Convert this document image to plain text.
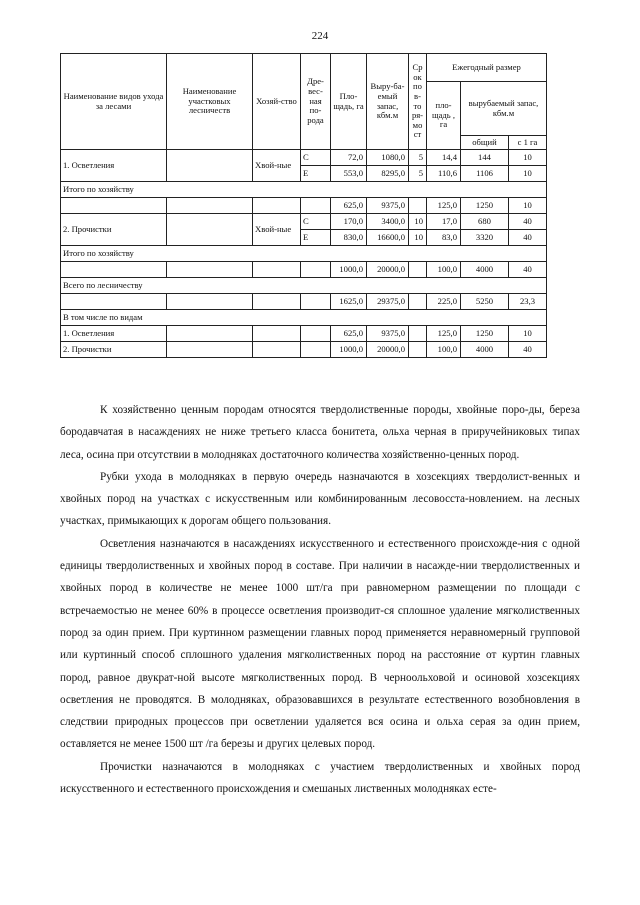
224
Наименование видов ухода за лесами	Наименование участковых лесничеств	Хозяй-ство	Дре-вес-ная по-рода	Пло-щадь, га	Выру-ба-емый запас, кбм.м	Ср ок по в-то ря-мо ст	Ежегодный размер		
							пло-щадь , га	вырубаемый запас, кбм.м	
								общий	с 1 га
1. Осветления		Хвой-ные	С	72,0	1080,0	5	14,4	144	10
			Е	553,0	8295,0	5	110,6	1106	10
Итого по хозяйству									
				625,0	9375,0		125,0	1250	10
2. Прочистки		Хвой-ные	С	170,0	3400,0	10	17,0	680	40
			Е	830,0	16600,0	10	83,0	3320	40
Итого по хозяйству									
				1000,0	20000,0		100,0	4000	40
Всего по лесничеству									
				1625,0	29375,0		225,0	5250	23,3
В том числе по видам									
1. Осветления				625,0	9375,0		125,0	1250	10
2. Прочистки				1000,0	20000,0		100,0	4000	40

К хозяйственно ценным породам относятся твердолиственные породы, хвойные поро-ды, береза бородавчатая в насаждениях не ниже третьего класса бонитета, ольха черная в приручейниковых типах леса, осина при отсутствии в молодняках достаточного количества хозяйственно-ценных пород.

Рубки ухода в молодняках в первую очередь назначаются в хозсекциях твердолист-венных и хвойных пород на участках с искусственным или комбинированным лесовосста-новлением. на лесных участках, примыкающих к дорогам общего пользования.

Осветления назначаются в насаждениях искусственного и естественного происхожде-ния с одной единицы твердолиственных и хвойных пород в составе. При наличии в насажде-нии твердолиственных и хвойных пород в количестве не менее 1000 шт/га при равномерном размещении по площади с встречаемостью не менее 60% в процессе осветления производит-ся сплошное удаление мягколиственных пород за один прием. При куртинном размещении главных пород применяется неравномерный групповой или куртинный способ сплошного удаления мягколиственных пород на расстояние от куртин главных пород, равное двукрат-ной высоте мягколиственных пород. В черноольховой и осиновой хозсекциях осветления не проводятся. В молодняках, образовавшихся в результате естественного возобновления в следствии природных процессов при осветлении удаляется вся осина и ольха серая за один прием, оставляется не менее 1500 шт /га березы и других целевых пород.

Прочистки назначаются в молодняках с участием твердолиственных и хвойных пород искусственного и естественного происхождения и смешаных лиственных молодняках есте-
